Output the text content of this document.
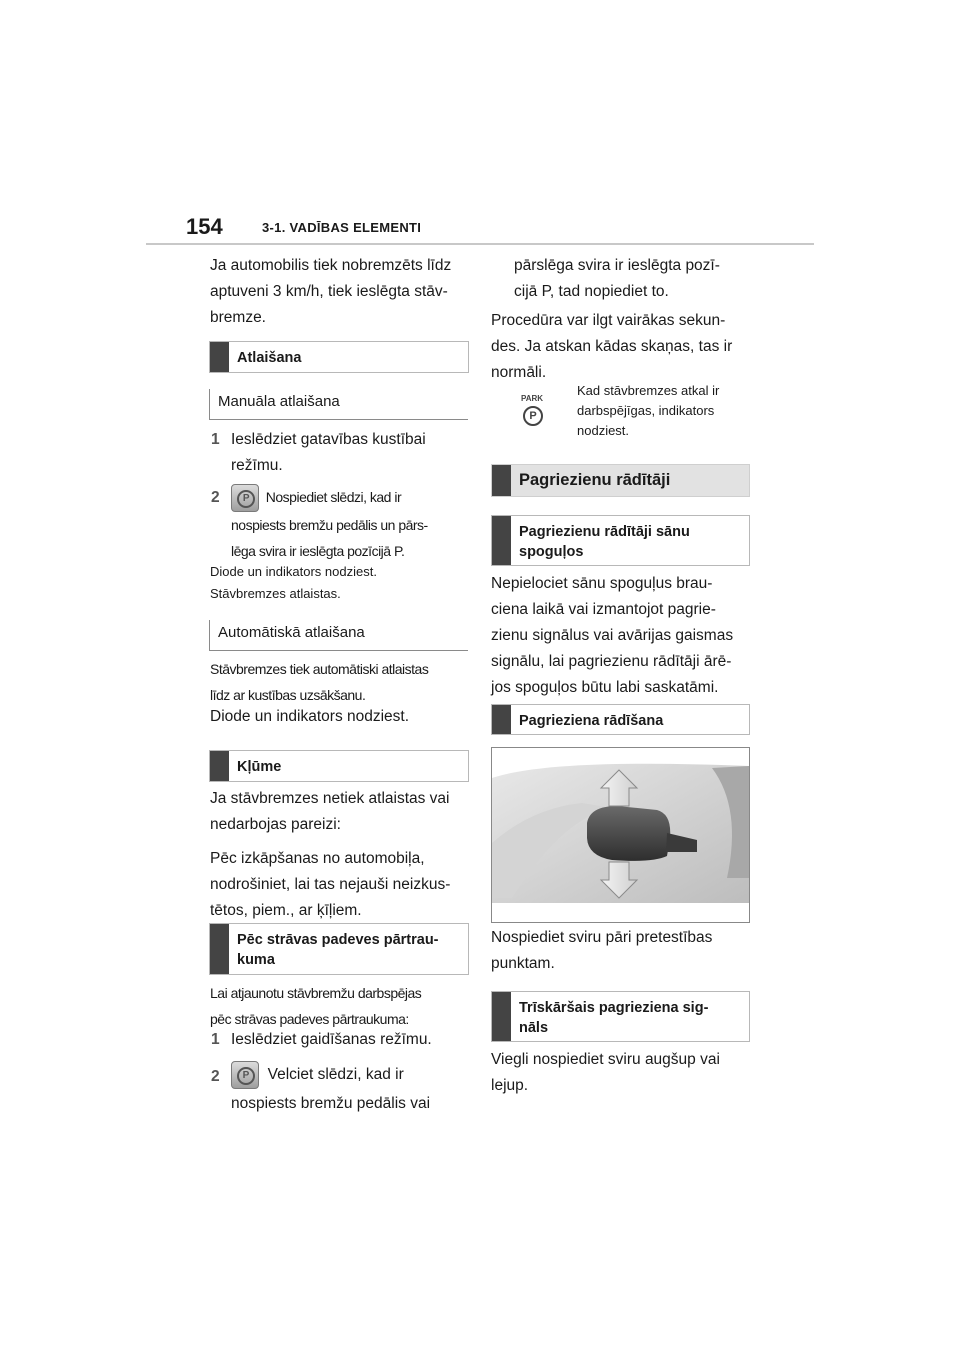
154	3-1. VADĪBAS ELEMENTI

Ja automobilis tiek nobremzēts līdz

aptuveni 3 km/h, tiek ieslēgta stāv-

bremze.

Atlaišana
Manuāla atlaišana
1 Ieslēdziet gatavības kustībai

režīmu.

2	P	Nospiediet slēdzi, kad ir

nospiests bremžu pedālis un pārs-

lēga svira ir ieslēgta pozīcijā P.

Diode un indikators nodziest.

Stāvbremzes atlaistas.

Automātiskā atlaišana

Stāvbremzes tiek automātiski atlaistas

līdz ar kustības uzsākšanu.

Diode un indikators nodziest.

Kļūme

Ja stāvbremzes netiek atlaistas vai

nedarbojas pareizi:

Pēc izkāpšanas no automobiļa,

nodrošiniet, lai tas nejauši neizkus-

tētos, piem., ar ķīļiem.

Pēc strāvas padeves pārtrau-
kuma

Lai atjaunotu stāvbremžu darbspējas

pēc strāvas padeves pārtraukuma:

1 Ieslēdziet gaidīšanas režīmu.

2	P	Velciet slēdzi, kad ir

nospiests bremžu pedālis vai

pārslēga svira ir ieslēgta pozī-

cijā P, tad nopiediet to.

Procedūra var ilgt vairākas sekun-

des. Ja atskan kādas skaņas, tas ir

normāli.

PARK
P

Kad stāvbremzes atkal ir

darbspējīgas, indikators

nodziest.

Pagriezienu rādītāji
Pagriezienu rādītāji sānu
spoguļos

Nepielociet sānu spoguļus brau-

ciena laikā vai izmantojot pagrie-

zienu signālus vai avārijas gaismas

signālu, lai pagriezienu rādītāji ārē-

jos spoguļos būtu labi saskatāmi.

Pagrieziena rādīšana

Nospiediet sviru pāri pretestības

punktam.

Trīskāršais pagrieziena sig-
nāls

Viegli nospiediet sviru augšup vai

lejup.
